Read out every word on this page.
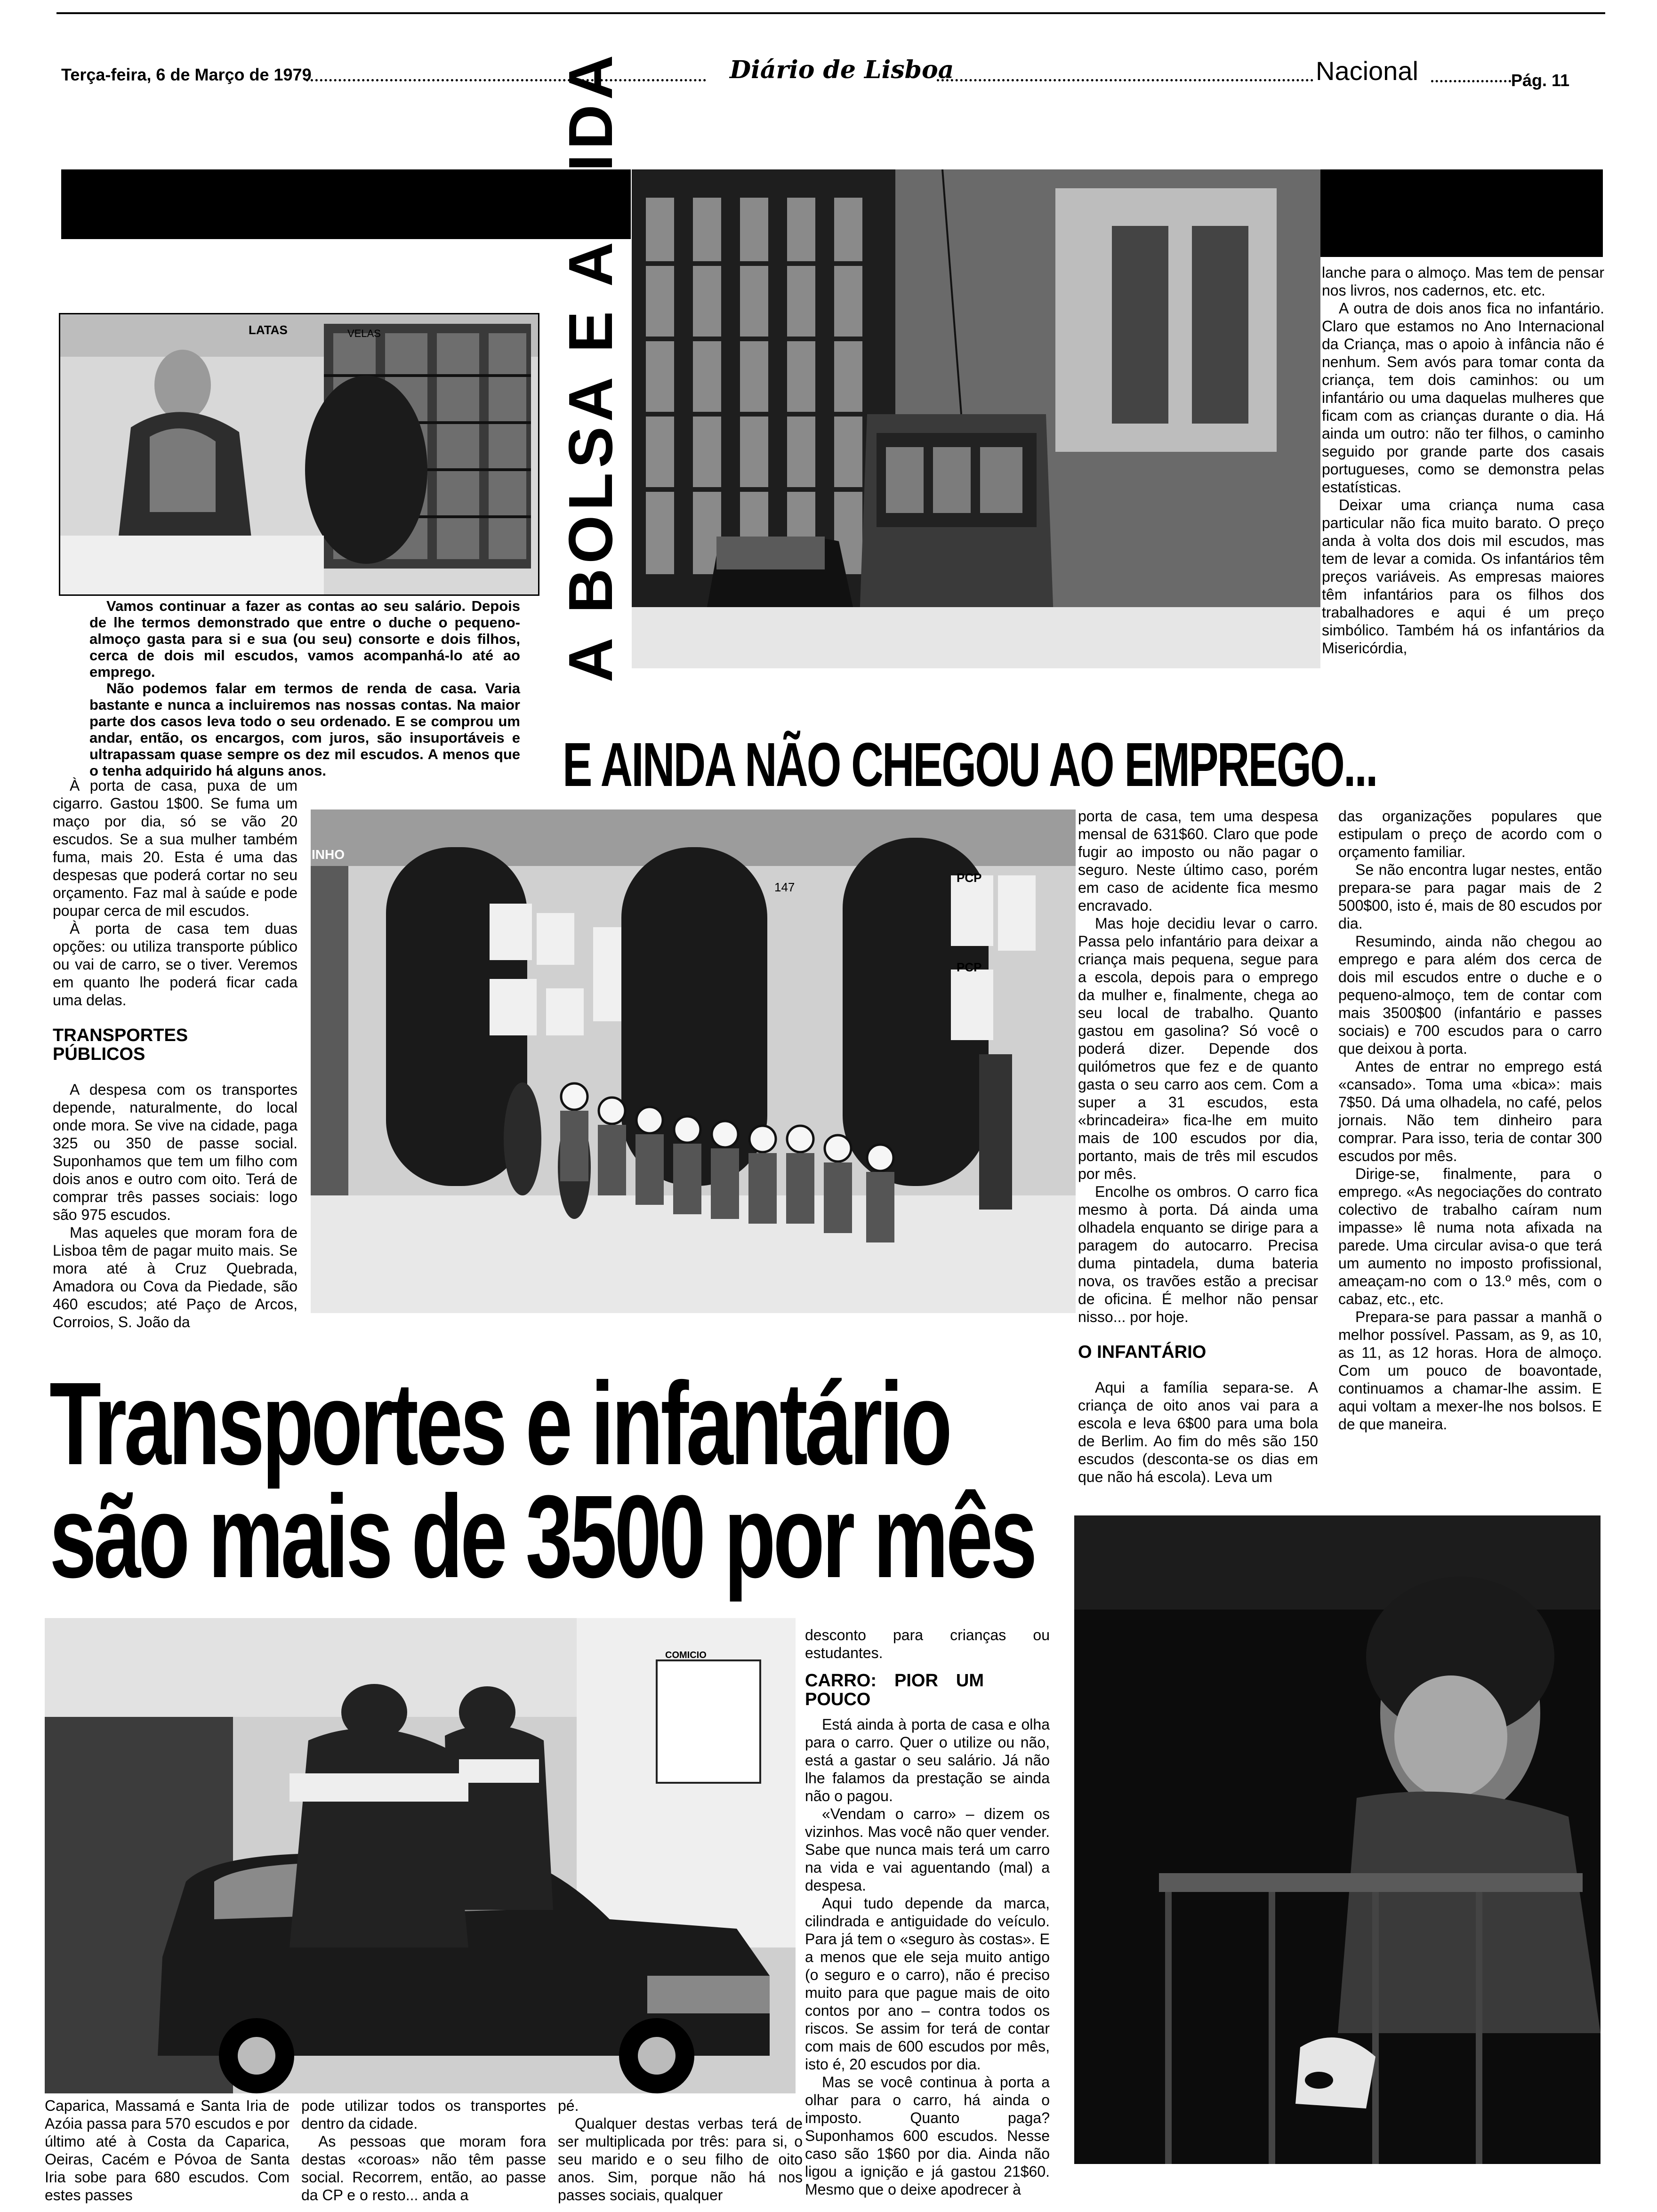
Terça-feira, 6 de Março de 1979	Diário de Lisboa	Nacional	Pág. 11
LATAS	VELAS	A BOLSA E A VIDA

Vamos continuar a fazer as contas ao seu salário. Depois de lhe termos demonstrado que entre o duche o pequeno-almoço gasta para si e sua (ou seu) consorte e dois filhos, cerca de dois mil escudos, vamos acompanhá-lo até ao emprego.

Não podemos falar em termos de renda de casa. Varia bastante e nunca a incluiremos nas nossas contas. Na maior parte dos casos leva todo o seu ordenado. E se comprou um andar, então, os encargos, com juros, são insuportáveis e ultrapassam quase sempre os dez mil escudos. A menos que o tenha adquirido há alguns anos.	E AINDA NÃO CHEGOU AO EMPREGO...

lanche para o almoço. Mas tem de pensar nos livros, nos cadernos, etc. etc.

A outra de dois anos fica no infantário. Claro que estamos no Ano Internacional da Criança, mas o apoio à infância não é nenhum. Sem avós para tomar conta da criança, tem dois caminhos: ou um infantário ou uma daquelas mulheres que ficam com as crianças durante o dia. Há ainda um outro: não ter filhos, o caminho seguido por grande parte dos casais portugueses, como se demonstra pelas estatísticas.

Deixar uma criança numa casa particular não fica muito barato. O preço anda à volta dos dois mil escudos, mas tem de levar a comida. Os infantários têm preços variáveis. As empresas maiores têm infantários para os filhos dos trabalhadores e aqui é um preço simbólico. Também há os infantários da Misericórdia,

À porta de casa, puxa de um cigarro. Gastou 1$00. Se fuma um maço por dia, só se vão 20 escudos. Se a sua mulher também fuma, mais 20. Esta é uma das despesas que poderá cortar no seu orçamento. Faz mal à saúde e pode poupar cerca de mil escudos.

À porta de casa tem duas opções: ou utiliza transporte público ou vai de carro, se o tiver. Veremos em quanto lhe poderá ficar cada uma delas.

TRANSPORTES PÚBLICOS

A despesa com os transportes depende, naturalmente, do local onde mora. Se vive na cidade, paga 325 ou 350 de passe social. Suponhamos que tem um filho com dois anos e outro com oito. Terá de comprar três passes sociais: logo são 975 escudos.

Mas aqueles que moram fora de Lisboa têm de pagar muito mais. Se mora até à Cruz Quebrada, Amadora ou Cova da Piedade, são 460 escudos; até Paço de Arcos, Corroios, S. João da

147
PCP
PCP
INHO

porta de casa, tem uma despesa mensal de 631$60. Claro que pode fugir ao imposto ou não pagar o seguro. Neste último caso, porém em caso de acidente fica mesmo encravado.

Mas hoje decidiu levar o carro. Passa pelo infantário para deixar a criança mais pequena, segue para a escola, depois para o emprego da mulher e, finalmente, chega ao seu local de trabalho. Quanto gastou em gasolina? Só você o poderá dizer. Depende dos quilómetros que fez e de quanto gasta o seu carro aos cem. Com a super a 31 escudos, esta «brincadeira» fica-lhe em muito mais de 100 escudos por dia, portanto, mais de três mil escudos por mês.

Encolhe os ombros. O carro fica mesmo à porta. Dá ainda uma olhadela enquanto se dirige para a paragem do autocarro. Precisa duma pintadela, duma bateria nova, os travões estão a precisar de oficina. É melhor não pensar nisso... por hoje.

O INFANTÁRIO

Aqui a família separa-se. A criança de oito anos vai para a escola e leva 6$00 para uma bola de Berlim. Ao fim do mês são 150 escudos (descontа-se os dias em que não há escola). Leva um

das organizações populares que estipulam o preço de acordo com o orçamento familiar.

Se não encontra lugar nestes, então prepara-se para pagar mais de 2 500$00, isto é, mais de 80 escudos por dia.

Resumindo, ainda não chegou ao emprego e para além dos cerca de dois mil escudos entre o duche e o pequeno-almoço, tem de contar com mais 3500$00 (infantário e passes sociais) e 700 escudos para o carro que deixou à porta.

Antes de entrar no emprego está «cansado». Toma uma «bica»: mais 7$50. Dá uma olhadela, no café, pelos jornais. Não tem dinheiro para comprar. Para isso, teria de contar 300 escudos por mês.

Dirige-se, finalmente, para o emprego. «As negociações do contrato colectivo de trabalho caíram num impasse» lê numa nota afixada na parede. Uma circular avisa-o que terá um aumento no imposto profissional, ameaçam-no com o 13.º mês, com o cabaz, etc., etc.

Prepara-se para passar a manhã o melhor possível. Passam, as 9, as 10, as 11, as 12 horas. Hora de almoço. Com um pouco de boavontade, continuamos a chamar-lhe assim. E aqui voltam a mexer-lhe nos bolsos. E de que maneira.

Transportes e infantário
são mais de 3500 por mês
COMICIO

desconto para crianças ou estudantes.

CARRO: PIOR UM POUCO

Está ainda à porta de casa e olha para o carro. Quer o utilize ou não, está a gastar o seu salário. Já não lhe falamos da prestação se ainda não o pagou.

«Vendam o carro» – dizem os vizinhos. Mas você não quer vender. Sabe que nunca mais terá um carro na vida e vai aguentando (mal) a despesa.

Aqui tudo depende da marca, cilindrada e antiguidade do veículo. Para já tem o «seguro às costas». E a menos que ele seja muito antigo (o seguro e o carro), não é preciso muito para que pague mais de oito contos por ano – contra todos os riscos. Se assim for terá de contar com mais de 600 escudos por mês, isto é, 20 escudos por dia.

Mas se você continua à porta a olhar para o carro, há ainda o imposto. Quanto paga? Suponhamos 600 escudos. Nesse caso são 1$60 por dia. Ainda não ligou a ignição e já gastou 21$60. Mesmo que o deixe apodrecer à

Caparica, Massamá e Santa Iria de Azóia passa para 570 escudos e por último até à Costa da Caparica, Oeiras, Cacém e Póvoa de Santa Iria sobe para 680 escudos. Com estes passes

pode utilizar todos os transportes dentro da cidade.

As pessoas que moram fora destas «coroas» não têm passe social. Recorrem, então, ao passe da CP e o resto... anda a

pé.

Qualquer destas verbas terá de ser multiplicada por três: para si, o seu marido e o seu filho de oito anos. Sim, porque não há nos passes sociais, qualquer
